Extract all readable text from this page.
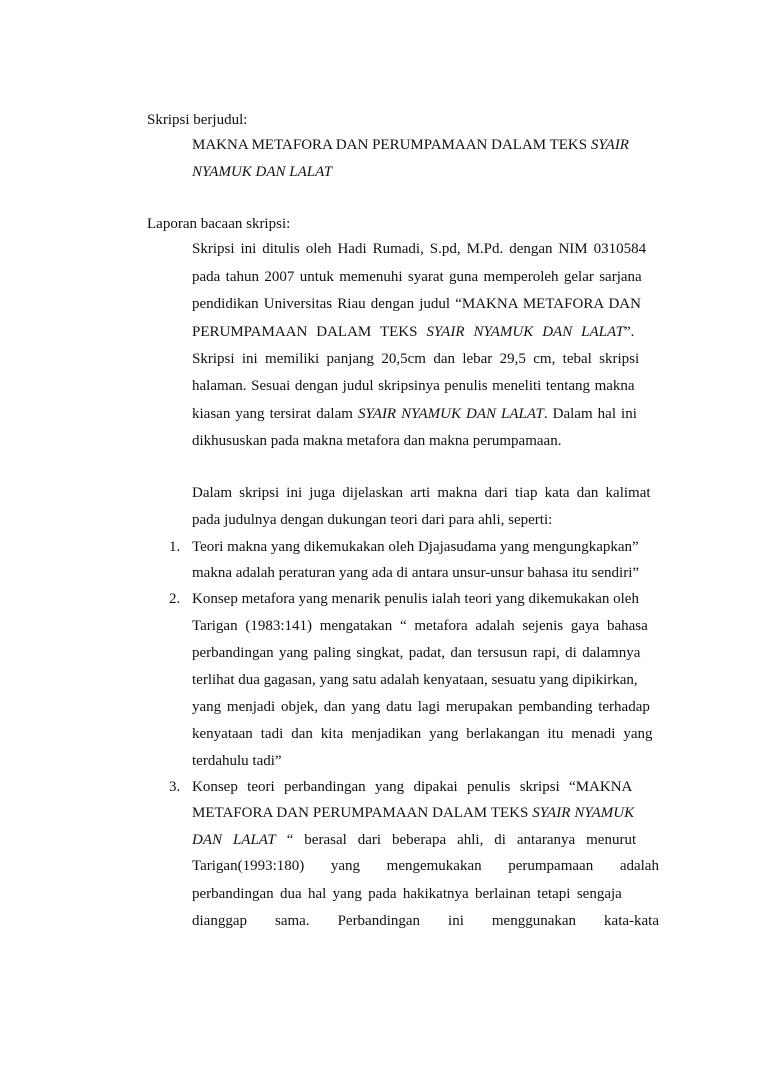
Skripsi berjudul:
MAKNA METAFORA DAN PERUMPAMAAN DALAM TEKS SYAIR
NYAMUK DAN LALAT
Laporan bacaan skripsi:
Skripsi ini ditulis oleh Hadi Rumadi, S.pd, M.Pd. dengan NIM 0310584
pada tahun 2007 untuk memenuhi syarat guna memperoleh gelar sarjana
pendidikan Universitas Riau dengan judul “MAKNA METAFORA DAN
PERUMPAMAAN DALAM TEKS SYAIR NYAMUK DAN LALAT”.
Skripsi ini memiliki panjang 20,5cm dan lebar 29,5 cm, tebal skripsi
halaman. Sesuai dengan judul skripsinya penulis meneliti tentang makna
kiasan yang tersirat dalam SYAIR NYAMUK DAN LALAT. Dalam hal ini
dikhususkan pada makna metafora dan makna perumpamaan.
Dalam skripsi ini juga dijelaskan arti makna dari tiap kata dan kalimat
pada judulnya dengan dukungan teori dari para ahli, seperti:
1. Teori makna yang dikemukakan oleh Djajasudama yang mengungkapkan”
makna adalah peraturan yang ada di antara unsur-unsur bahasa itu sendiri”
2. Konsep metafora yang menarik penulis ialah teori yang dikemukakan oleh
Tarigan (1983:141) mengatakan “ metafora adalah sejenis gaya bahasa
perbandingan yang paling singkat, padat, dan tersusun rapi, di dalamnya
terlihat dua gagasan, yang satu adalah kenyataan, sesuatu yang dipikirkan,
yang menjadi objek, dan yang datu lagi merupakan pembanding terhadap
kenyataan tadi dan kita menjadikan yang berlakangan itu menadi yang
terdahulu tadi”
3. Konsep teori perbandingan yang dipakai penulis skripsi “MAKNA
METAFORA DAN PERUMPAMAAN DALAM TEKS SYAIR NYAMUK
DAN LALAT “ berasal dari beberapa ahli, di antaranya menurut
Tarigan(1993:180) yang mengemukakan perumpamaan adalah
perbandingan dua hal yang pada hakikatnya berlainan tetapi sengaja
dianggap sama. Perbandingan ini menggunakan kata-kata
